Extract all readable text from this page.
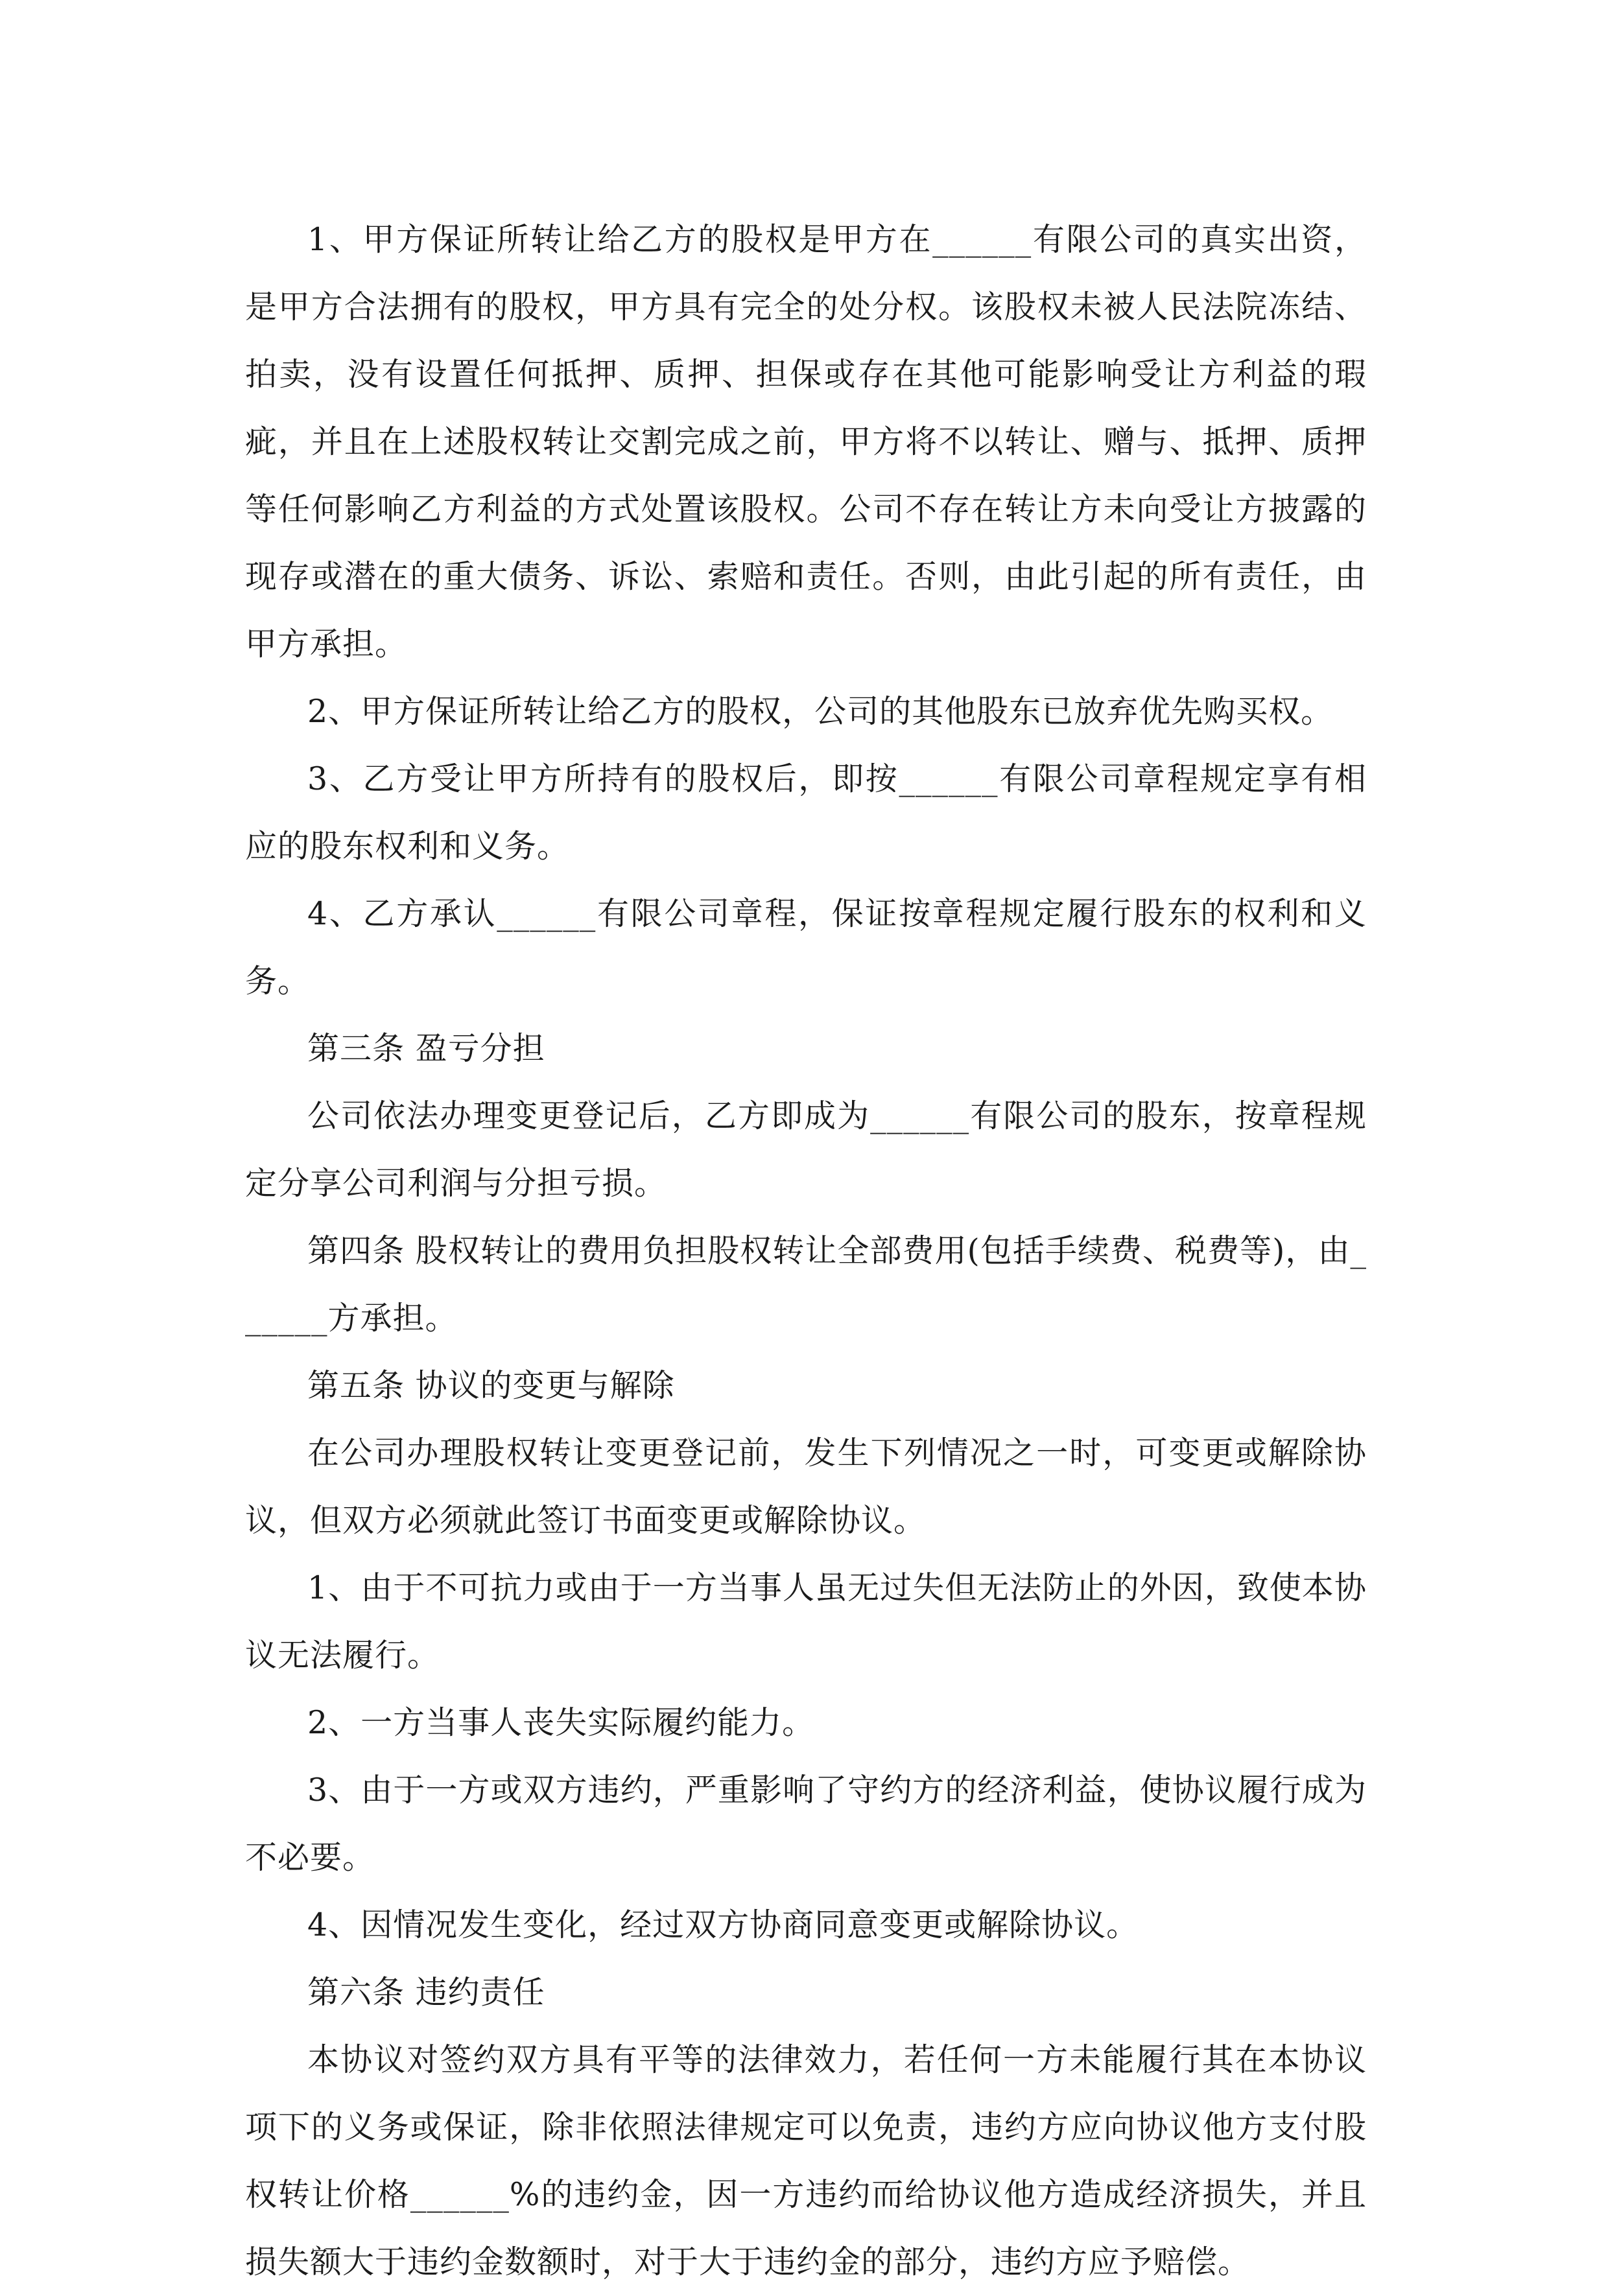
1、甲方保证所转让给乙方的股权是甲方在______有限公司的真实出资，是甲方合法拥有的股权，甲方具有完全的处分权。该股权未被人民法院冻结、拍卖，没有设置任何抵押、质押、担保或存在其他可能影响受让方利益的瑕疵，并且在上述股权转让交割完成之前，甲方将不以转让、赠与、抵押、质押等任何影响乙方利益的方式处置该股权。公司不存在转让方未向受让方披露的现存或潜在的重大债务、诉讼、索赔和责任。否则，由此引起的所有责任，由甲方承担。

2、甲方保证所转让给乙方的股权，公司的其他股东已放弃优先购买权。

3、乙方受让甲方所持有的股权后，即按______有限公司章程规定享有相应的股东权利和义务。

4、乙方承认______有限公司章程，保证按章程规定履行股东的权利和义务。

第三条 盈亏分担

公司依法办理变更登记后，乙方即成为______有限公司的股东，按章程规定分享公司利润与分担亏损。

第四条 股权转让的费用负担股权转让全部费用(包括手续费、税费等)，由______方承担。

第五条 协议的变更与解除

在公司办理股权转让变更登记前，发生下列情况之一时，可变更或解除协议，但双方必须就此签订书面变更或解除协议。

1、由于不可抗力或由于一方当事人虽无过失但无法防止的外因，致使本协议无法履行。

2、一方当事人丧失实际履约能力。

3、由于一方或双方违约，严重影响了守约方的经济利益，使协议履行成为不必要。

4、因情况发生变化，经过双方协商同意变更或解除协议。

第六条 违约责任

本协议对签约双方具有平等的法律效力，若任何一方未能履行其在本协议项下的义务或保证，除非依照法律规定可以免责，违约方应向协议他方支付股权转让价格______%的违约金，因一方违约而给协议他方造成经济损失，并且损失额大于违约金数额时，对于大于违约金的部分，违约方应予赔偿。
